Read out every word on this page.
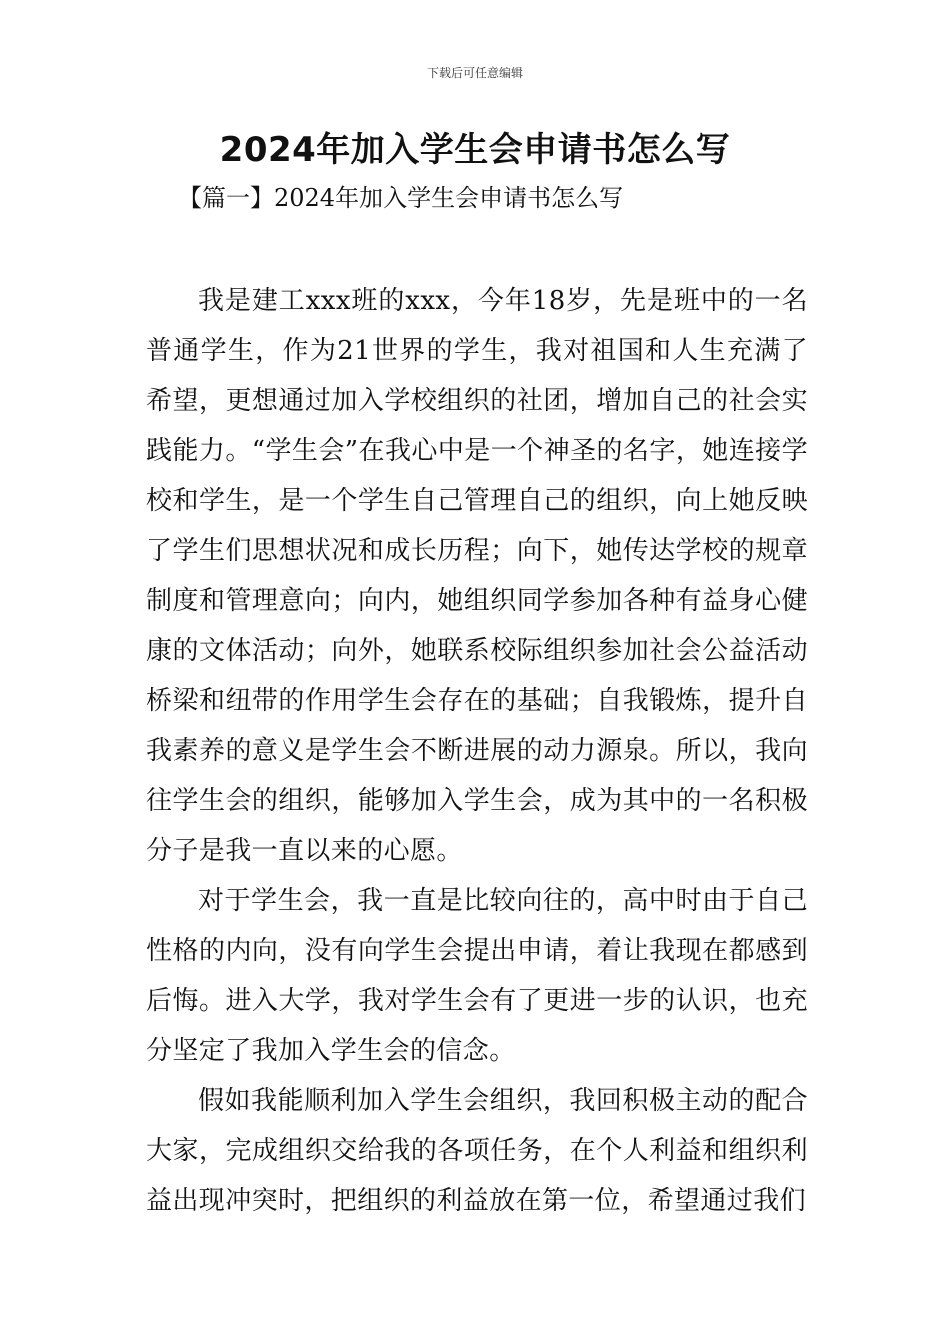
下载后可任意编辑
2024年加入学生会申请书怎么写
【篇一】2024年加入学生会申请书怎么写

我是建工xxx班的xxx，今年18岁，先是班中的一名普通学生，作为21世界的学生，我对祖国和人生充满了希望，更想通过加入学校组织的社团，增加自己的社会实践能力。“学生会”在我心中是一个神圣的名字，她连接学校和学生，是一个学生自己管理自己的组织，向上她反映了学生们思想状况和成长历程；向下，她传达学校的规章制度和管理意向；向内，她组织同学参加各种有益身心健康的文体活动；向外，她联系校际组织参加社会公益活动桥梁和纽带的作用学生会存在的基础；自我锻炼，提升自我素养的意义是学生会不断进展的动力源泉。所以，我向往学生会的组织，能够加入学生会，成为其中的一名积极分子是我一直以来的心愿。

对于学生会，我一直是比较向往的，高中时由于自己性格的内向，没有向学生会提出申请，着让我现在都感到后悔。进入大学，我对学生会有了更进一步的认识，也充分坚定了我加入学生会的信念。

假如我能顺利加入学生会组织，我回积极主动的配合大家，完成组织交给我的各项任务，在个人利益和组织利益出现冲突时，把组织的利益放在第一位，希望通过我们
